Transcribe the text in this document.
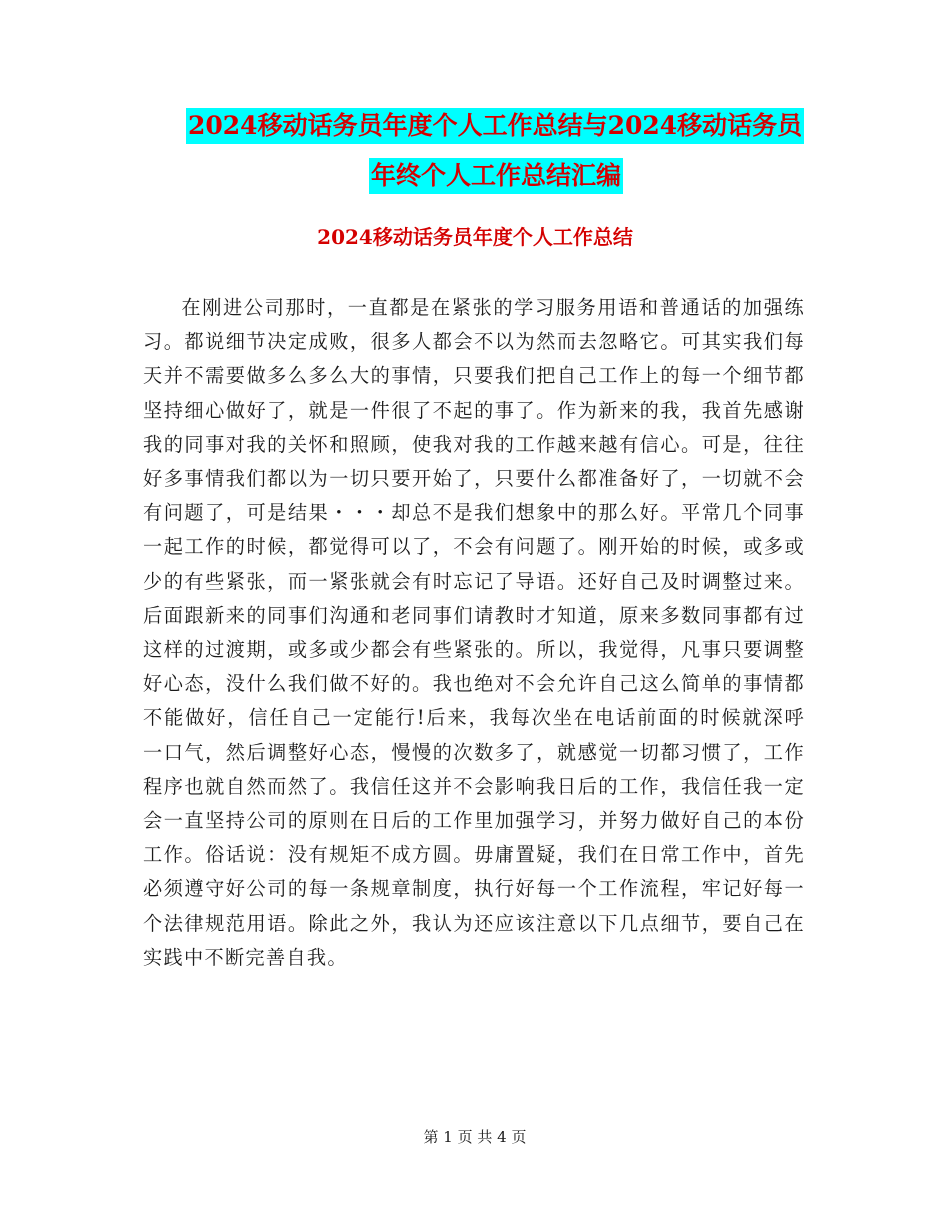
2024移动话务员年度个人工作总结与2024移动话务员
年终个人工作总结汇编
2024移动话务员年度个人工作总结

在刚进公司那时，一直都是在紧张的学习服务用语和普通话的加强练习。都说细节决定成败，很多人都会不以为然而去忽略它。可其实我们每天并不需要做多么多么大的事情，只要我们把自己工作上的每一个细节都坚持细心做好了，就是一件很了不起的事了。作为新来的我，我首先感谢我的同事对我的关怀和照顾，使我对我的工作越来越有信心。可是，往往好多事情我们都以为一切只要开始了，只要什么都准备好了，一切就不会有问题了，可是结果・・・却总不是我们想象中的那么好。平常几个同事一起工作的时候，都觉得可以了，不会有问题了。刚开始的时候，或多或少的有些紧张，而一紧张就会有时忘记了导语。还好自己及时调整过来。后面跟新来的同事们沟通和老同事们请教时才知道，原来多数同事都有过这样的过渡期，或多或少都会有些紧张的。所以，我觉得，凡事只要调整好心态，没什么我们做不好的。我也绝对不会允许自己这么简单的事情都不能做好，信任自己一定能行!后来，我每次坐在电话前面的时候就深呼一口气，然后调整好心态，慢慢的次数多了，就感觉一切都习惯了，工作程序也就自然而然了。我信任这并不会影响我日后的工作，我信任我一定会一直坚持公司的原则在日后的工作里加强学习，并努力做好自己的本份工作。俗话说：没有规矩不成方圆。毋庸置疑，我们在日常工作中，首先必须遵守好公司的每一条规章制度，执行好每一个工作流程，牢记好每一个法律规范用语。除此之外，我认为还应该注意以下几点细节，要自己在实践中不断完善自我。

第 1 页 共 4 页
